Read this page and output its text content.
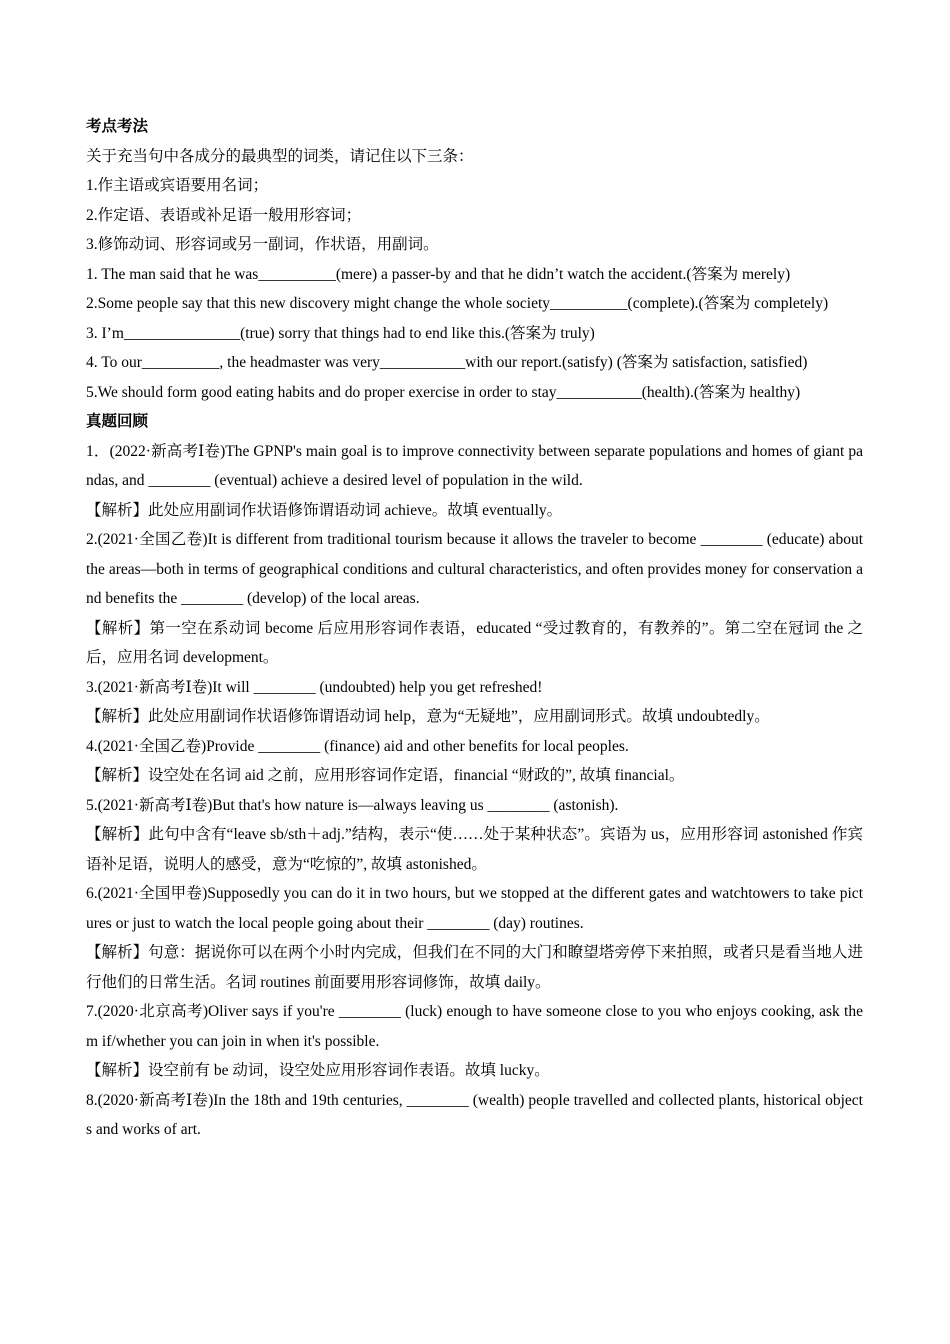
考点考法

关于充当句中各成分的最典型的词类，请记住以下三条：

1.作主语或宾语要用名词；

2.作定语、表语或补足语一般用形容词；

3.修饰动词、形容词或另一副词，作状语，用副词。

1. The man said that he was__________(mere) a passer-by and that he didn’t watch the accident.(答案为 merely)

2.Some people say that this new discovery might change the whole society__________(complete).(答案为 completely)

3. I’m_______________(true) sorry that things had to end like this.(答案为 truly)

4. To our__________, the headmaster was very___________with our report.(satisfy) (答案为 satisfaction, satisfied)

5.We should form good eating habits and do proper exercise in order to stay___________(health).(答案为 healthy)

真题回顾

1．(2022·新高考Ⅰ卷)The GPNP's main goal is to improve connectivity between separate populations and homes of giant pandas, and ________ (eventual) achieve a desired level of population in the wild.

【解析】此处应用副词作状语修饰谓语动词 achieve。故填 eventually。

2.(2021·全国乙卷)It is different from traditional tourism because it allows the traveler to become ________ (educate) about the areas—both in terms of geographical conditions and cultural characteristics, and often provides money for conservation and benefits the ________ (develop) of the local areas.

【解析】第一空在系动词 become 后应用形容词作表语，educated “受过教育的，有教养的”。第二空在冠词 the 之后，应用名词 development。

3.(2021·新高考Ⅰ卷)It will ________ (undoubted) help you get refreshed!

【解析】此处应用副词作状语修饰谓语动词 help，意为“无疑地”，应用副词形式。故填 undoubtedly。

4.(2021·全国乙卷)Provide ________ (finance) aid and other benefits for local peoples.

【解析】设空处在名词 aid 之前，应用形容词作定语，financial “财政的”, 故填 financial。

5.(2021·新高考Ⅰ卷)But that's how nature is—always leaving us ________ (astonish).

【解析】此句中含有“leave sb/sth＋adj.”结构，表示“使……处于某种状态”。宾语为 us，应用形容词 astonished 作宾语补足语，说明人的感受，意为“吃惊的”, 故填 astonished。

6.(2021·全国甲卷)Supposedly you can do it in two hours, but we stopped at the different gates and watchtowers to take pictures or just to watch the local people going about their ________ (day) routines.

【解析】句意：据说你可以在两个小时内完成，但我们在不同的大门和瞭望塔旁停下来拍照，或者只是看当地人进行他们的日常生活。名词 routines 前面要用形容词修饰，故填 daily。

7.(2020·北京高考)Oliver says if you're ________ (luck) enough to have someone close to you who enjoys cooking, ask them if/whether you can join in when it's possible.

【解析】设空前有 be 动词，设空处应用形容词作表语。故填 lucky。

8.(2020·新高考Ⅰ卷)In the 18th and 19th centuries, ________ (wealth) people travelled and collected plants, historical objects and works of art.
